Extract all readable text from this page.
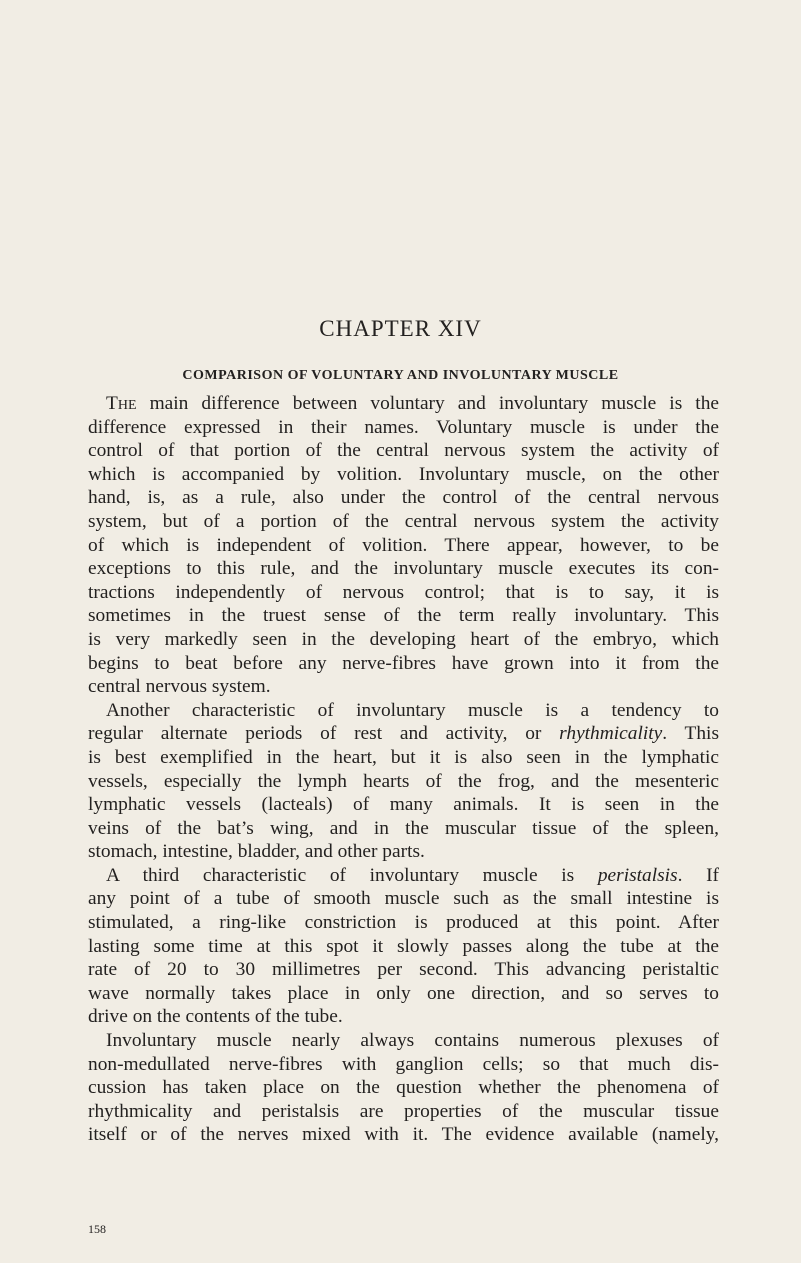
CHAPTER XIV
COMPARISON OF VOLUNTARY AND INVOLUNTARY MUSCLE
The main difference between voluntary and involuntary muscle is the
difference expressed in their names. Voluntary muscle is under the
control of that portion of the central nervous system the activity of
which is accompanied by volition. Involuntary muscle, on the other
hand, is, as a rule, also under the control of the central nervous
system, but of a portion of the central nervous system the activity
of which is independent of volition. There appear, however, to be
exceptions to this rule, and the involuntary muscle executes its con-
tractions independently of nervous control; that is to say, it is
sometimes in the truest sense of the term really involuntary. This
is very markedly seen in the developing heart of the embryo, which
begins to beat before any nerve-fibres have grown into it from the
central nervous system.
Another characteristic of involuntary muscle is a tendency to
regular alternate periods of rest and activity, or rhythmicality. This
is best exemplified in the heart, but it is also seen in the lymphatic
vessels, especially the lymph hearts of the frog, and the mesenteric
lymphatic vessels (lacteals) of many animals. It is seen in the
veins of the bat’s wing, and in the muscular tissue of the spleen,
stomach, intestine, bladder, and other parts.
A third characteristic of involuntary muscle is peristalsis. If
any point of a tube of smooth muscle such as the small intestine is
stimulated, a ring-like constriction is produced at this point. After
lasting some time at this spot it slowly passes along the tube at the
rate of 20 to 30 millimetres per second. This advancing peristaltic
wave normally takes place in only one direction, and so serves to
drive on the contents of the tube.
Involuntary muscle nearly always contains numerous plexuses of
non-medullated nerve-fibres with ganglion cells; so that much dis-
cussion has taken place on the question whether the phenomena of
rhythmicality and peristalsis are properties of the muscular tissue
itself or of the nerves mixed with it. The evidence available (namely,

158
